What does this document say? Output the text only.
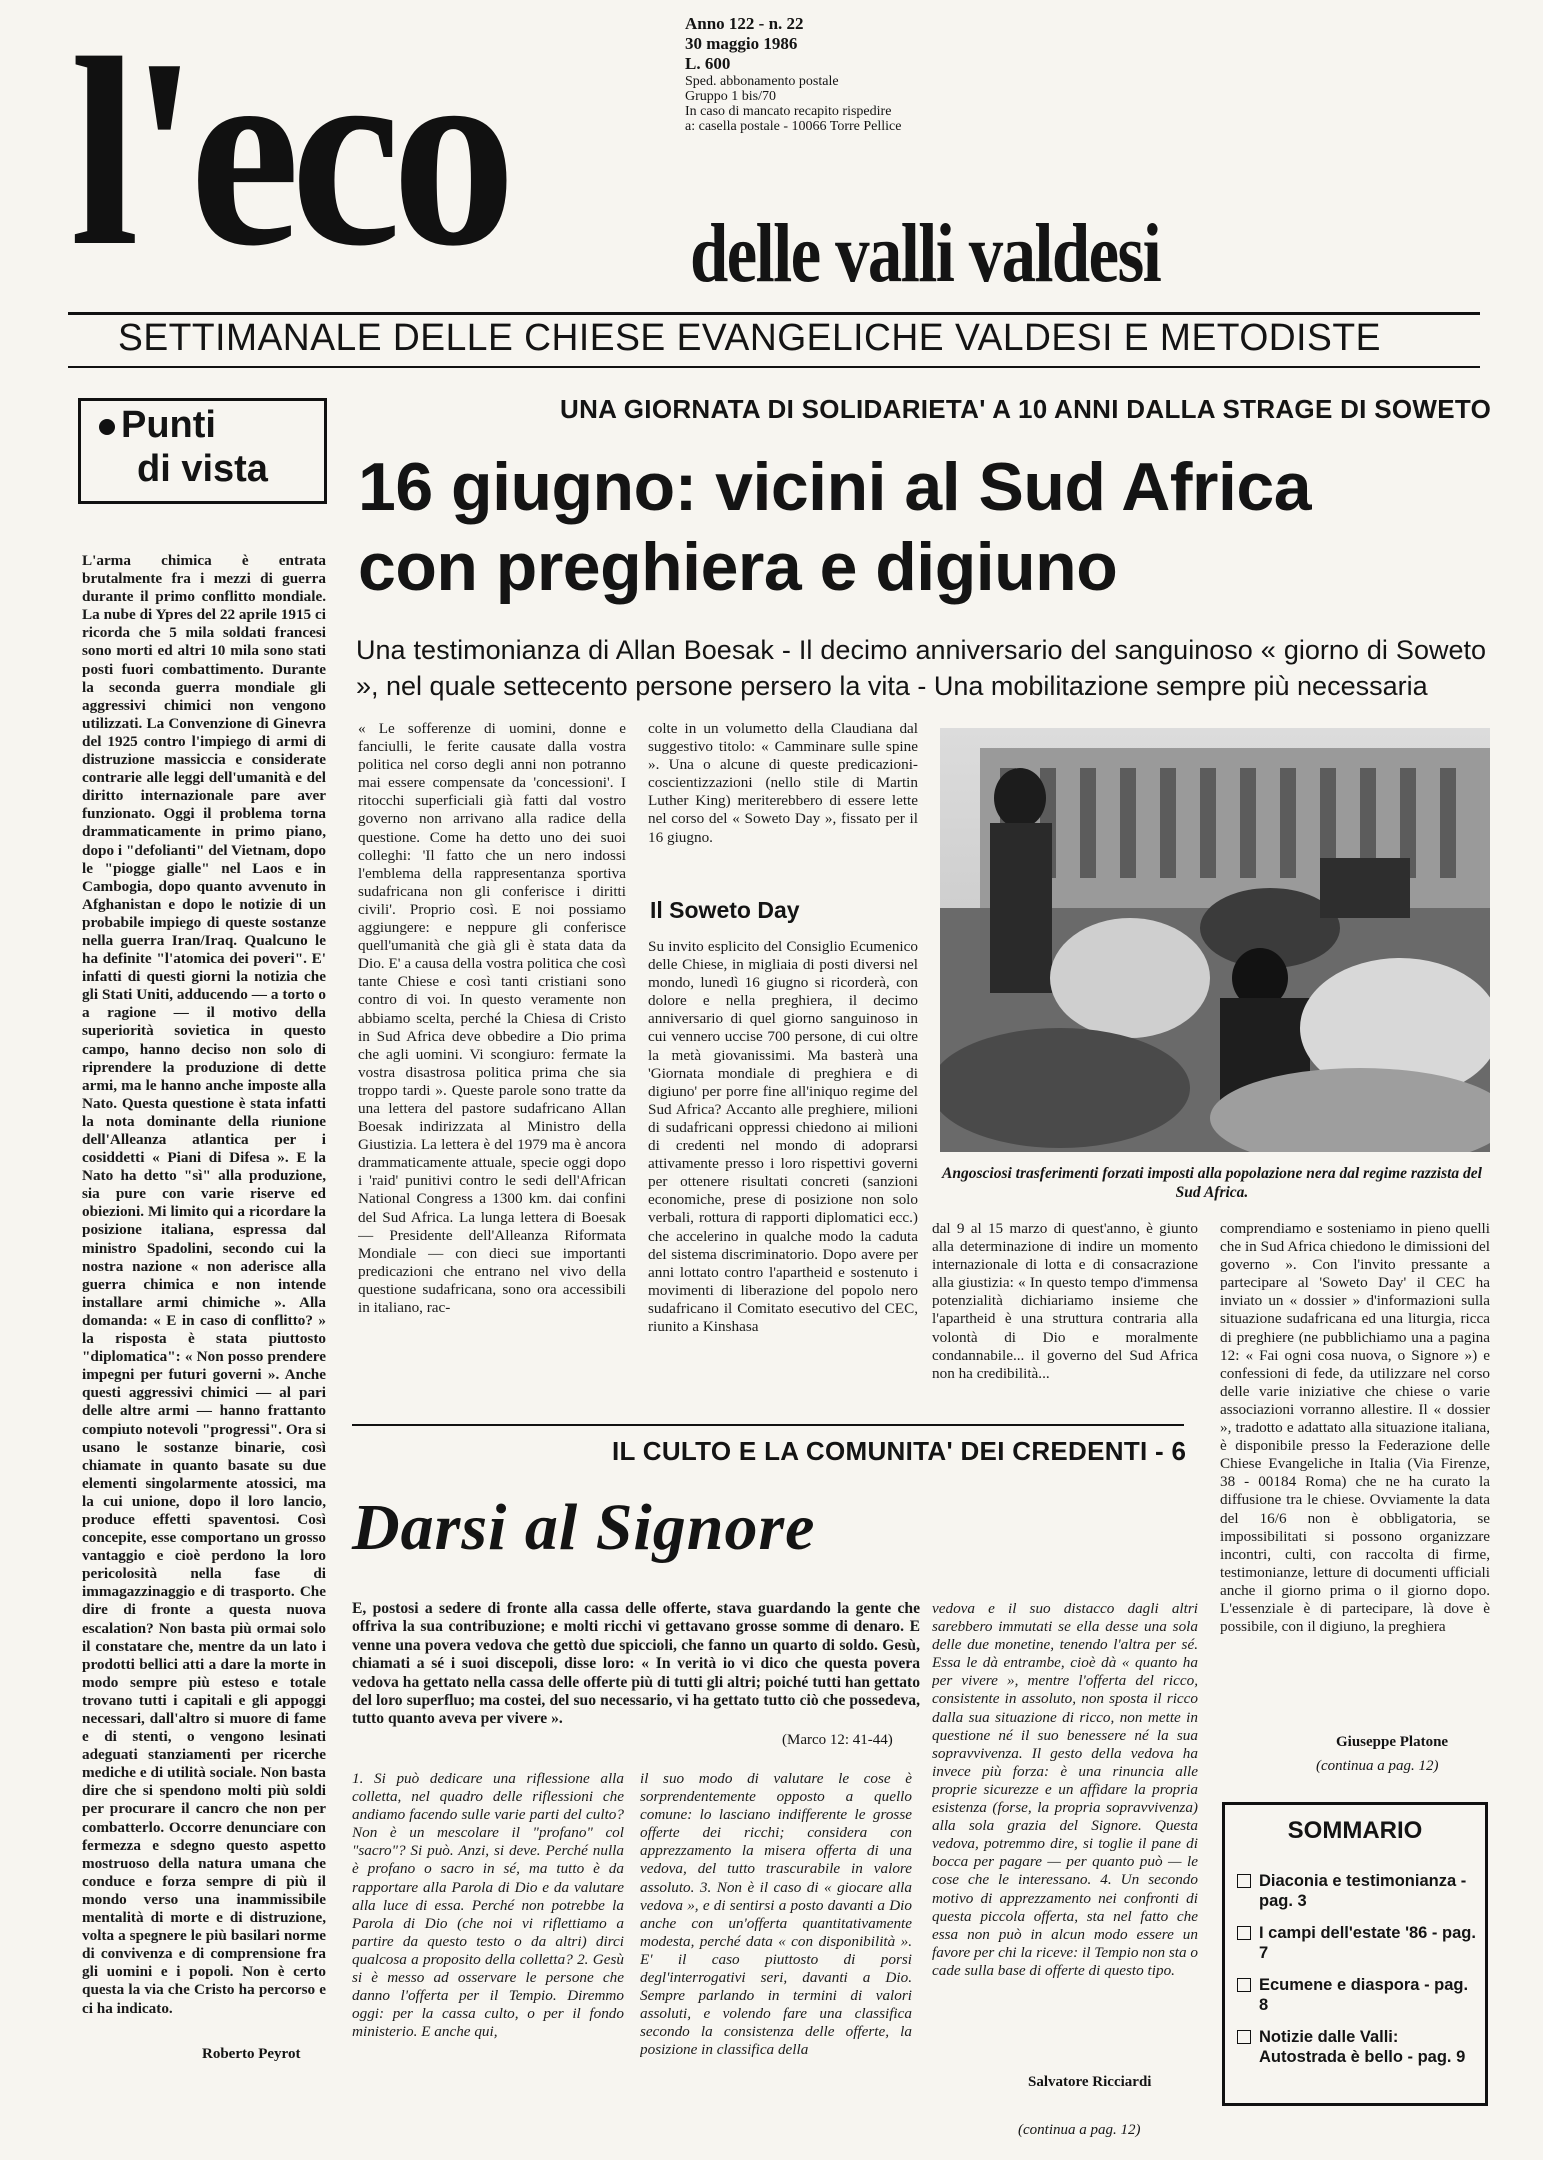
l'eco	Anno 122 - n. 22
30 maggio 1986
L. 600
Sped. abbonamento postale
Gruppo 1 bis/70
In caso di mancato recapito rispedire
a: casella postale - 10066 Torre Pellice
delle valli valdesi
SETTIMANALE DELLE CHIESE EVANGELICHE VALDESI E METODISTE
Punti
di vista
L'arma chimica è entrata brutalmente fra i mezzi di guerra durante il primo conflitto mondiale. La nube di Ypres del 22 aprile 1915 ci ricorda che 5 mila soldati francesi sono morti ed altri 10 mila sono stati posti fuori combattimento. Durante la seconda guerra mondiale gli aggressivi chimici non vengono utilizzati. La Convenzione di Ginevra del 1925 contro l'impiego di armi di distruzione massiccia e considerate contrarie alle leggi dell'umanità e del diritto internazionale pare aver funzionato. Oggi il problema torna drammaticamente in primo piano, dopo i "defolianti" del Vietnam, dopo le "piogge gialle" nel Laos e in Cambogia, dopo quanto avvenuto in Afghanistan e dopo le notizie di un probabile impiego di queste sostanze nella guerra Iran/Iraq. Qualcuno le ha definite "l'atomica dei poveri". E' infatti di questi giorni la notizia che gli Stati Uniti, adducendo — a torto o a ragione — il motivo della superiorità sovietica in questo campo, hanno deciso non solo di riprendere la produzione di dette armi, ma le hanno anche imposte alla Nato. Questa questione è stata infatti la nota dominante della riunione dell'Alleanza atlantica per i cosiddetti « Piani di Difesa ». E la Nato ha detto "sì" alla produzione, sia pure con varie riserve ed obiezioni. Mi limito qui a ricordare la posizione italiana, espressa dal ministro Spadolini, secondo cui la nostra nazione « non aderisce alla guerra chimica e non intende installare armi chimiche ». Alla domanda: « E in caso di conflitto? » la risposta è stata piuttosto "diplomatica": « Non posso prendere impegni per futuri governi ». Anche questi aggressivi chimici — al pari delle altre armi — hanno frattanto compiuto notevoli "progressi". Ora si usano le sostanze binarie, così chiamate in quanto basate su due elementi singolarmente atossici, ma la cui unione, dopo il loro lancio, produce effetti spaventosi. Così concepite, esse comportano un grosso vantaggio e cioè perdono la loro pericolosità nella fase di immagazzinaggio e di trasporto. Che dire di fronte a questa nuova escalation? Non basta più ormai solo il constatare che, mentre da un lato i prodotti bellici atti a dare la morte in modo sempre più esteso e totale trovano tutti i capitali e gli appoggi necessari, dall'altro si muore di fame e di stenti, o vengono lesinati adeguati stanziamenti per ricerche mediche e di utilità sociale. Non basta dire che si spendono molti più soldi per procurare il cancro che non per combatterlo. Occorre denunciare con fermezza e sdegno questo aspetto mostruoso della natura umana che conduce e forza sempre di più il mondo verso una inammissibile mentalità di morte e di distruzione, volta a spegnere le più basilari norme di convivenza e di comprensione fra gli uomini e i popoli. Non è certo questa la via che Cristo ha percorso e ci ha indicato.
Roberto Peyrot
UNA GIORNATA DI SOLIDARIETA' A 10 ANNI DALLA STRAGE DI SOWETO
16 giugno: vicini al Sud Africa
con preghiera e digiuno
Una testimonianza di Allan Boesak - Il decimo anniversario del sanguinoso « giorno di Soweto », nel quale settecento persone persero la vita - Una mobilitazione sempre più necessaria
« Le sofferenze di uomini, donne e fanciulli, le ferite causate dalla vostra politica nel corso degli anni non potranno mai essere compensate da 'concessioni'. I ritocchi superficiali già fatti dal vostro governo non arrivano alla radice della questione. Come ha detto uno dei suoi colleghi: 'Il fatto che un nero indossi l'emblema della rappresentanza sportiva sudafricana non gli conferisce i diritti civili'. Proprio così. E noi possiamo aggiungere: e neppure gli conferisce quell'umanità che già gli è stata data da Dio. E' a causa della vostra politica che così tante Chiese e così tanti cristiani sono contro di voi. In questo veramente non abbiamo scelta, perché la Chiesa di Cristo in Sud Africa deve obbedire a Dio prima che agli uomini. Vi scongiuro: fermate la vostra disastrosa politica prima che sia troppo tardi ». Queste parole sono tratte da una lettera del pastore sudafricano Allan Boesak indirizzata al Ministro della Giustizia. La lettera è del 1979 ma è ancora drammaticamente attuale, specie oggi dopo i 'raid' punitivi contro le sedi dell'African National Congress a 1300 km. dai confini del Sud Africa. La lunga lettera di Boesak — Presidente dell'Alleanza Riformata Mondiale — con dieci sue importanti predicazioni che entrano nel vivo della questione sudafricana, sono ora accessibili in italiano, rac-
colte in un volumetto della Claudiana dal suggestivo titolo: « Camminare sulle spine ». Una o alcune di queste predicazioni-coscientizzazioni (nello stile di Martin Luther King) meriterebbero di essere lette nel corso del « Soweto Day », fissato per il 16 giugno.
Il Soweto Day
Su invito esplicito del Consiglio Ecumenico delle Chiese, in migliaia di posti diversi nel mondo, lunedì 16 giugno si ricorderà, con dolore e nella preghiera, il decimo anniversario di quel giorno sanguinoso in cui vennero uccise 700 persone, di cui oltre la metà giovanissimi. Ma basterà una 'Giornata mondiale di preghiera e di digiuno' per porre fine all'iniquo regime del Sud Africa? Accanto alle preghiere, milioni di sudafricani oppressi chiedono ai milioni di credenti nel mondo di adoprarsi attivamente presso i loro rispettivi governi per ottenere risultati concreti (sanzioni economiche, prese di posizione non solo verbali, rottura di rapporti diplomatici ecc.) che accelerino in qualche modo la caduta del sistema discriminatorio. Dopo avere per anni lottato contro l'apartheid e sostenuto i movimenti di liberazione del popolo nero sudafricano il Comitato esecutivo del CEC, riunito a Kinshasa
Angosciosi trasferimenti forzati imposti alla popolazione nera dal regime razzista del Sud Africa.
dal 9 al 15 marzo di quest'anno, è giunto alla determinazione di indire un momento internazionale di lotta e di consacrazione alla giustizia: « In questo tempo d'immensa potenzialità dichiariamo insieme che l'apartheid è una struttura contraria alla volontà di Dio e moralmente condannabile... il governo del Sud Africa non ha credibilità...
comprendiamo e sosteniamo in pieno quelli che in Sud Africa chiedono le dimissioni del governo ». Con l'invito pressante a partecipare al 'Soweto Day' il CEC ha inviato un « dossier » d'informazioni sulla situazione sudafricana ed una liturgia, ricca di preghiere (ne pubblichiamo una a pagina 12: « Fai ogni cosa nuova, o Signore ») e confessioni di fede, da utilizzare nel corso delle varie iniziative che chiese o varie associazioni vorranno allestire. Il « dossier », tradotto e adattato alla situazione italiana, è disponibile presso la Federazione delle Chiese Evangeliche in Italia (Via Firenze, 38 - 00184 Roma) che ne ha curato la diffusione tra le chiese. Ovviamente la data del 16/6 non è obbligatoria, se impossibilitati si possono organizzare incontri, culti, con raccolta di firme, testimonianze, letture di documenti ufficiali anche il giorno prima o il giorno dopo. L'essenziale è di partecipare, là dove è possibile, con il digiuno, la preghiera
Giuseppe Platone
(continua a pag. 12)
IL CULTO E LA COMUNITA' DEI CREDENTI - 6
Darsi al Signore
E, postosi a sedere di fronte alla cassa delle offerte, stava guardando la gente che offriva la sua contribuzione; e molti ricchi vi gettavano grosse somme di denaro. E venne una povera vedova che gettò due spiccioli, che fanno un quarto di soldo. Gesù, chiamati a sé i suoi discepoli, disse loro: « In verità io vi dico che questa povera vedova ha gettato nella cassa delle offerte più di tutti gli altri; poiché tutti han gettato del loro superfluo; ma costei, del suo necessario, vi ha gettato tutto ciò che possedeva, tutto quanto aveva per vivere ».
(Marco 12: 41-44)
1. Si può dedicare una riflessione alla colletta, nel quadro delle riflessioni che andiamo facendo sulle varie parti del culto? Non è un mescolare il "profano" col "sacro"? Si può. Anzi, si deve. Perché nulla è profano o sacro in sé, ma tutto è da rapportare alla Parola di Dio e da valutare alla luce di essa. Perché non potrebbe la Parola di Dio (che noi vi riflettiamo a partire da questo testo o da altri) dirci qualcosa a proposito della colletta? 2. Gesù si è messo ad osservare le persone che danno l'offerta per il Tempio. Diremmo oggi: per la cassa culto, o per il fondo ministerio. E anche qui,
il suo modo di valutare le cose è sorprendentemente opposto a quello comune: lo lasciano indifferente le grosse offerte dei ricchi; considera con apprezzamento la misera offerta di una vedova, del tutto trascurabile in valore assoluto. 3. Non è il caso di « giocare alla vedova », e di sentirsi a posto davanti a Dio anche con un'offerta quantitativamente modesta, perché data « con disponibilità ». E' il caso piuttosto di porsi degl'interrogativi seri, davanti a Dio. Sempre parlando in termini di valori assoluti, e volendo fare una classifica secondo la consistenza delle offerte, la posizione in classifica della
vedova e il suo distacco dagli altri sarebbero immutati se ella desse una sola delle due monetine, tenendo l'altra per sé. Essa le dà entrambe, cioè dà « quanto ha per vivere », mentre l'offerta del ricco, consistente in assoluto, non sposta il ricco dalla sua situazione di ricco, non mette in questione né il suo benessere né la sua sopravvivenza. Il gesto della vedova ha invece più forza: è una rinuncia alle proprie sicurezze e un affidare la propria esistenza (forse, la propria sopravvivenza) alla sola grazia del Signore. Questa vedova, potremmo dire, si toglie il pane di bocca per pagare — per quanto può — le cose che le interessano. 4. Un secondo motivo di apprezzamento nei confronti di questa piccola offerta, sta nel fatto che essa non può in alcun modo essere un favore per chi la riceve: il Tempio non sta o cade sulla base di offerte di questo tipo.
Salvatore Ricciardi
(continua a pag. 12)
SOMMARIO
Diaconia e testimonianza - pag. 3
I campi dell'estate '86 - pag. 7
Ecumene e diaspora - pag. 8
Notizie dalle Valli: Autostrada è bello - pag. 9
